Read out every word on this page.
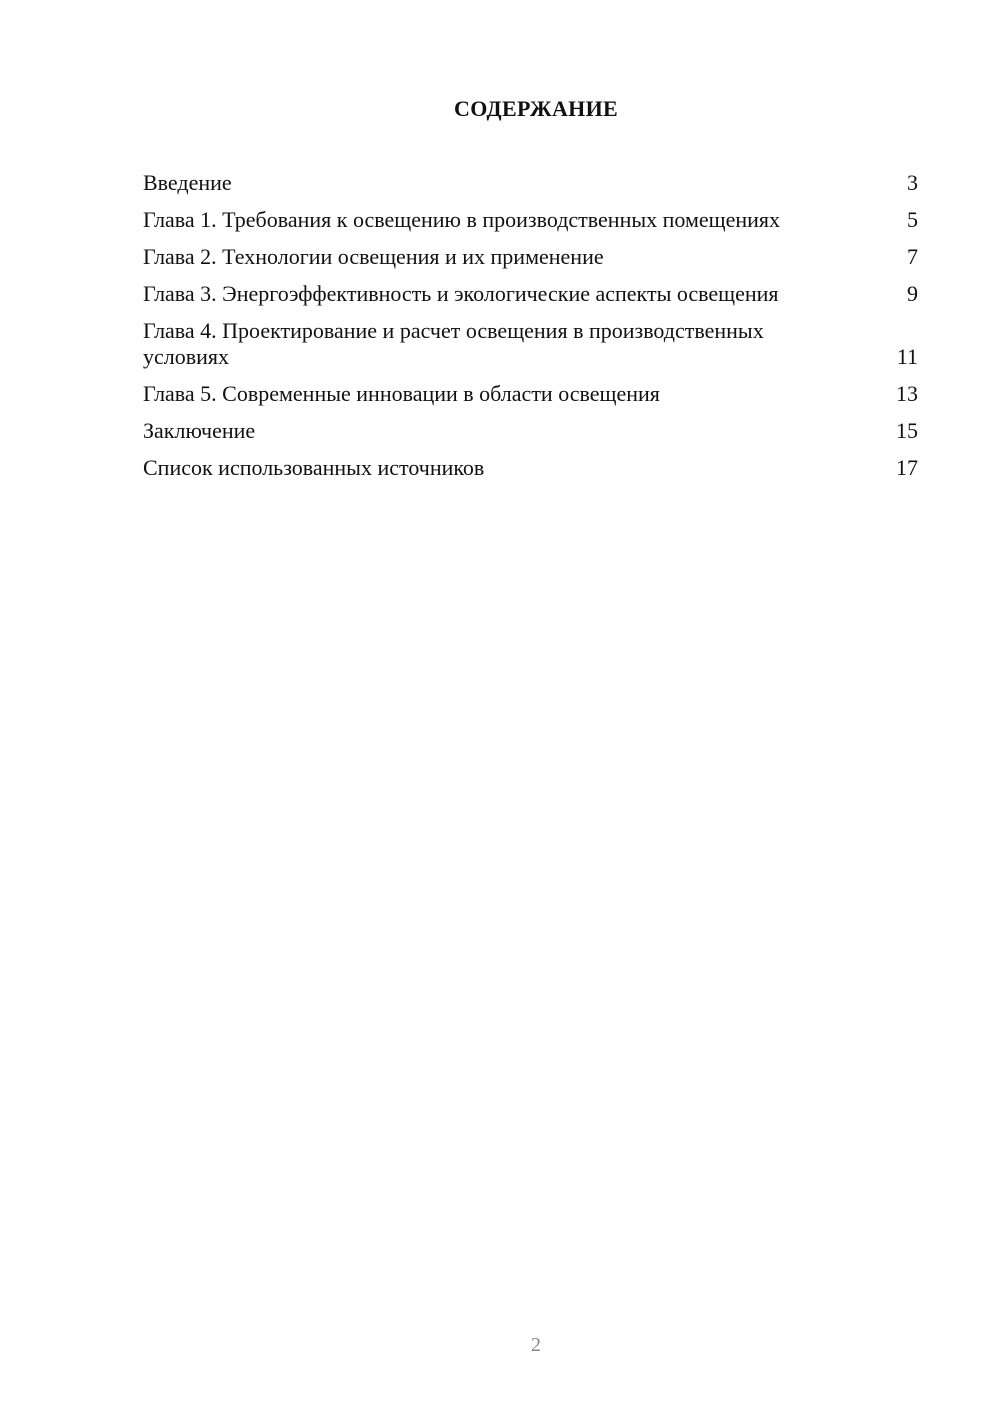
СОДЕРЖАНИЕ
Введение	3
Глава 1. Требования к освещению в производственных помещениях	5
Глава 2. Технологии освещения и их применение	7
Глава 3. Энергоэффективность и экологические аспекты освещения	9
Глава 4. Проектирование и расчет освещения в производственных условиях	11
Глава 5. Современные инновации в области освещения	13
Заключение	15
Список использованных источников	17
2
